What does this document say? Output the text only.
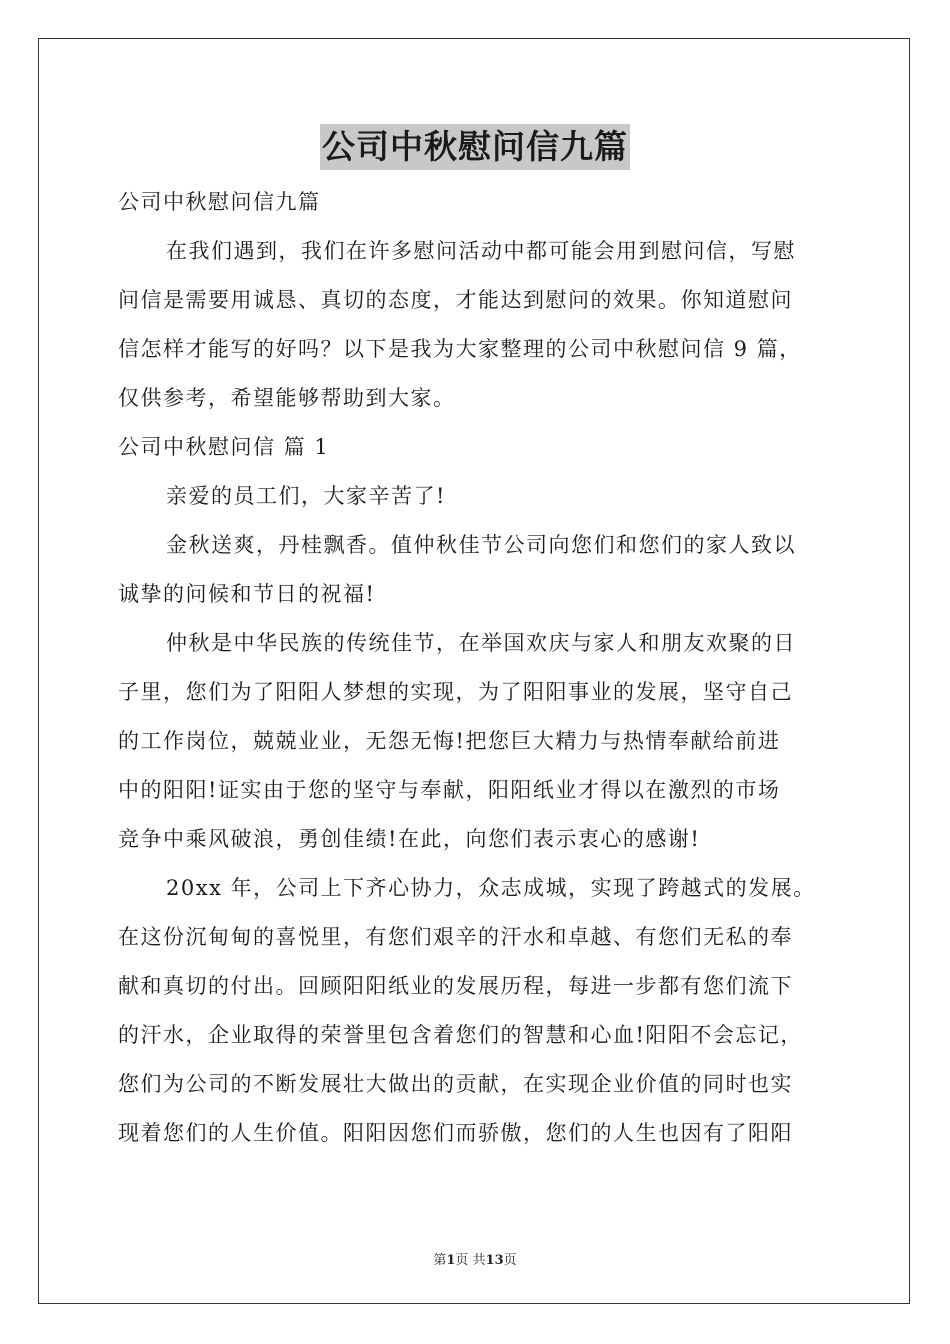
公司中秋慰问信九篇
公司中秋慰问信九篇
在我们遇到，我们在许多慰问活动中都可能会用到慰问信，写慰
问信是需要用诚恳、真切的态度，才能达到慰问的效果。你知道慰问
信怎样才能写的好吗？以下是我为大家整理的公司中秋慰问信 9 篇，
仅供参考，希望能够帮助到大家。
公司中秋慰问信 篇 1
亲爱的员工们，大家辛苦了!
金秋送爽，丹桂飘香。值仲秋佳节公司向您们和您们的家人致以
诚挚的问候和节日的祝福!
仲秋是中华民族的传统佳节，在举国欢庆与家人和朋友欢聚的日
子里，您们为了阳阳人梦想的实现，为了阳阳事业的发展，坚守自己
的工作岗位，兢兢业业，无怨无悔!把您巨大精力与热情奉献给前进
中的阳阳!证实由于您的坚守与奉献，阳阳纸业才得以在激烈的市场
竞争中乘风破浪，勇创佳绩!在此，向您们表示衷心的感谢!
20xx 年，公司上下齐心协力，众志成城，实现了跨越式的发展。
在这份沉甸甸的喜悦里，有您们艰辛的汗水和卓越、有您们无私的奉
献和真切的付出。回顾阳阳纸业的发展历程，每进一步都有您们流下
的汗水，企业取得的荣誉里包含着您们的智慧和心血!阳阳不会忘记，
您们为公司的不断发展壮大做出的贡献，在实现企业价值的同时也实
现着您们的人生价值。阳阳因您们而骄傲，您们的人生也因有了阳阳
第1页 共13页
